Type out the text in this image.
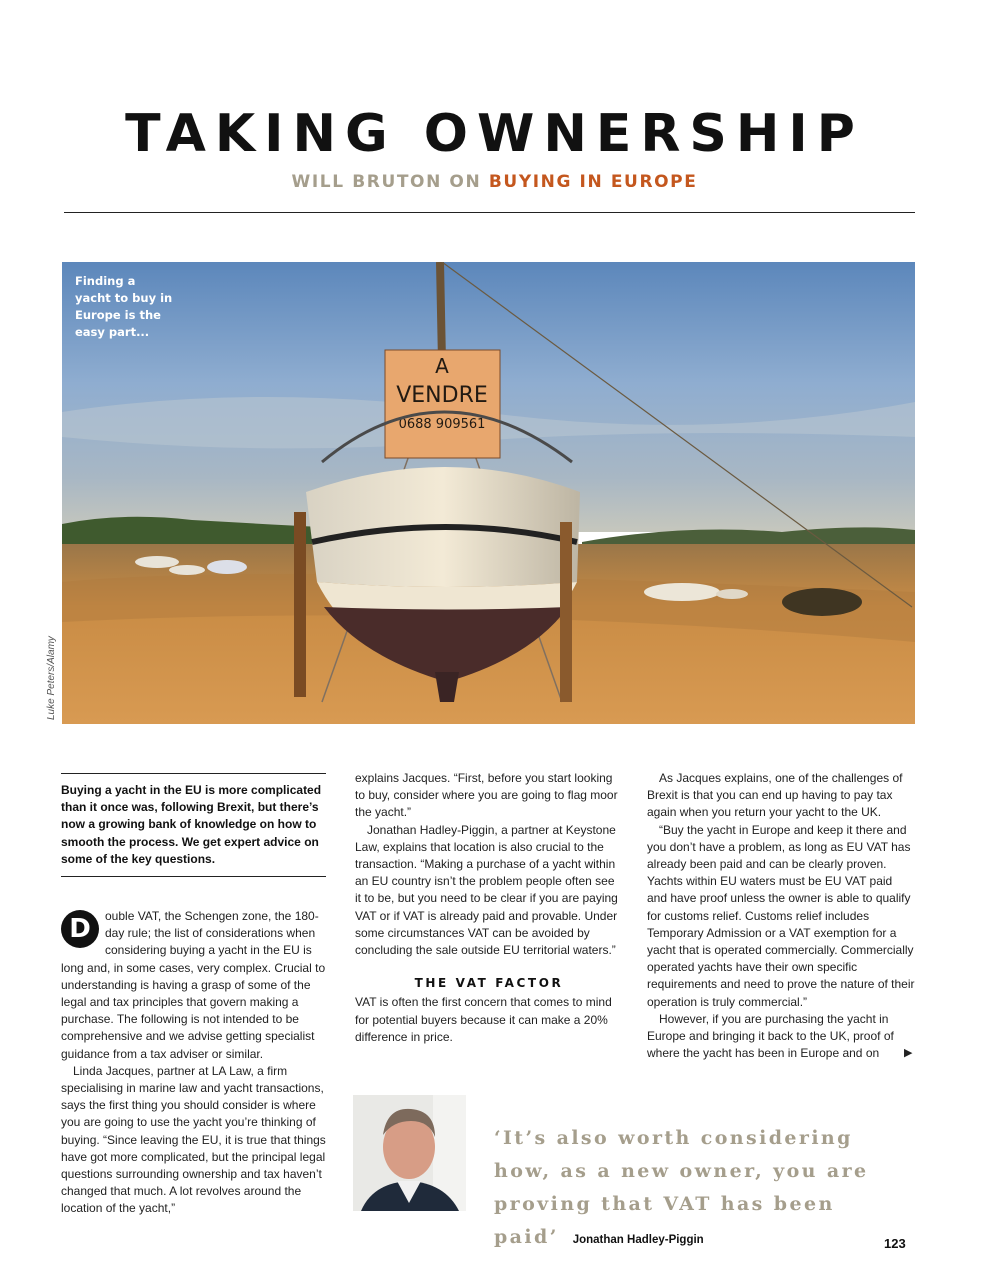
TAKING OWNERSHIP
WILL BRUTON ON BUYING IN EUROPE
A
VENDRE
0688 909561
Finding a yacht to buy in Europe is the easy part...
Luke Peters/Alamy
Buying a yacht in the EU is more complicated than it once was, following Brexit, but there’s now a growing bank of knowledge on how to smooth the process. We get expert advice on some of the key questions.
D	ouble VAT, the Schengen zone, the 180-day rule; the list of considerations when considering buying a yacht in the EU is long and, in some cases, very complex. Crucial to understanding is having a grasp of some of the legal and tax principles that govern making a purchase. The following is not intended to be comprehensive and we advise getting specialist guidance from a tax adviser or similar.

Linda Jacques, partner at LA Law, a firm specialising in marine law and yacht transactions, says the first thing you should consider is where you are going to use the yacht you’re thinking of buying. “Since leaving the EU, it is true that things have got more complicated, but the principal legal questions surrounding ownership and tax haven’t changed that much. A lot revolves around the location of the yacht,”

explains Jacques. “First, before you start looking to buy, consider where you are going to flag moor the yacht.”

Jonathan Hadley-Piggin, a partner at Keystone Law, explains that location is also crucial to the transaction. “Making a purchase of a yacht within an EU country isn’t the problem people often see it to be, but you need to be clear if you are paying VAT or if VAT is already paid and provable. Under some circumstances VAT can be avoided by concluding the sale outside EU territorial waters.”

THE VAT FACTOR

VAT is often the first concern that comes to mind for potential buyers because it can make a 20% difference in price.

As Jacques explains, one of the challenges of Brexit is that you can end up having to pay tax again when you return your yacht to the UK.

“Buy the yacht in Europe and keep it there and you don’t have a problem, as long as EU VAT has already been paid and can be clearly proven. Yachts within EU waters must be EU VAT paid and have proof unless the owner is able to qualify for customs relief. Customs relief includes Temporary Admission or a VAT exemption for a yacht that is operated commercially. Commercially operated yachts have their own specific requirements and need to prove the nature of their operation is truly commercial.”

However, if you are purchasing the yacht in Europe and bringing it back to the UK, proof of where the yacht has been in Europe and on	▶
‘It’s also worth considering how, as a new owner, you are proving that VAT has been paid’ Jonathan Hadley-Piggin	123
